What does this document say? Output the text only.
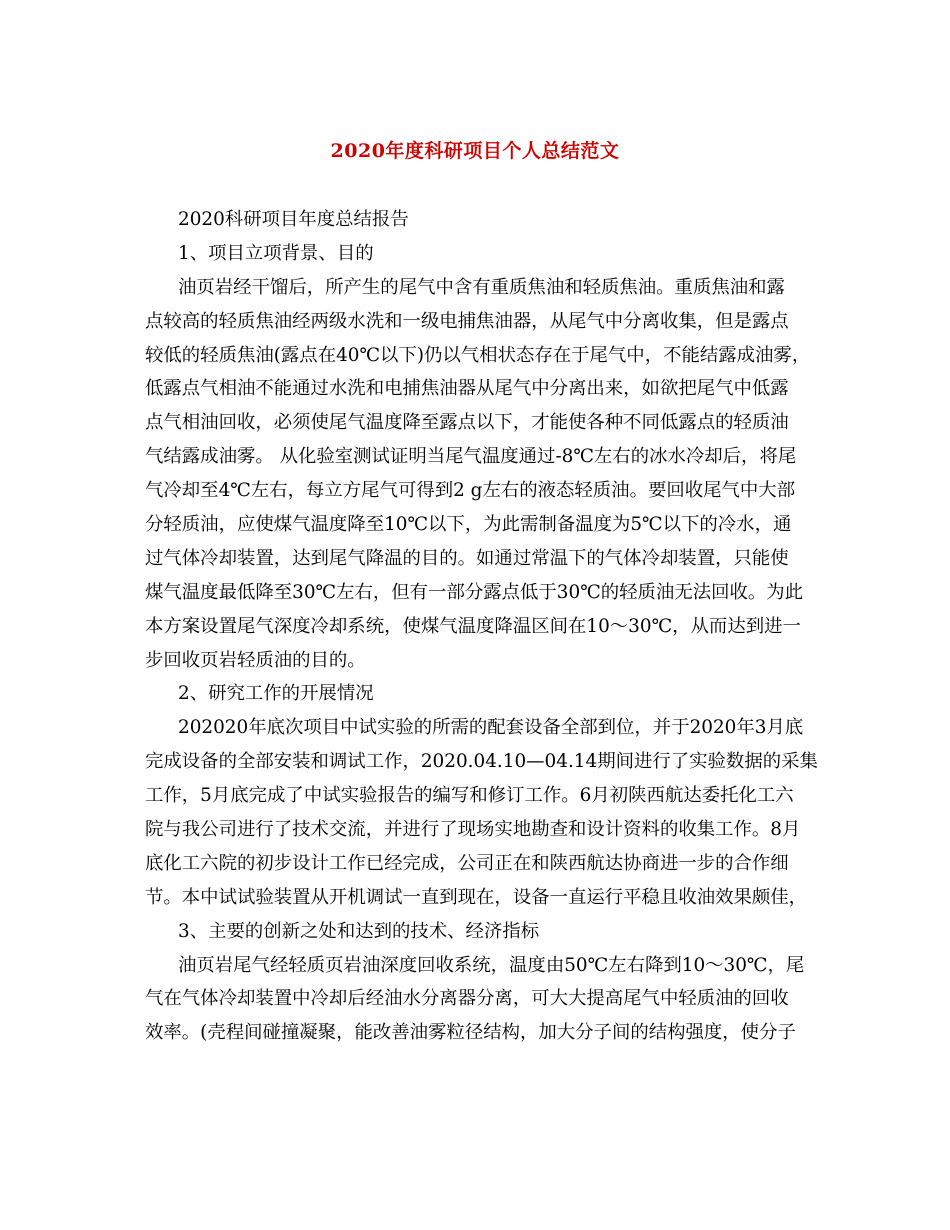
2020年度科研项目个人总结范文
2020科研项目年度总结报告
1、项目立项背景、目的
油页岩经干馏后，所产生的尾气中含有重质焦油和轻质焦油。重质焦油和露
点较高的轻质焦油经两级水洗和一级电捕焦油器，从尾气中分离收集，但是露点
较低的轻质焦油(露点在40℃以下)仍以气相状态存在于尾气中，不能结露成油雾，
低露点气相油不能通过水洗和电捕焦油器从尾气中分离出来，如欲把尾气中低露
点气相油回收，必须使尾气温度降至露点以下，才能使各种不同低露点的轻质油
气结露成油雾。 从化验室测试证明当尾气温度通过-8℃左右的冰水冷却后，将尾
气冷却至4℃左右，每立方尾气可得到2 g左右的液态轻质油。要回收尾气中大部
分轻质油，应使煤气温度降至10℃以下，为此需制备温度为5℃以下的冷水，通
过气体冷却装置，达到尾气降温的目的。如通过常温下的气体冷却装置，只能使
煤气温度最低降至30℃左右，但有一部分露点低于30℃的轻质油无法回收。为此
本方案设置尾气深度冷却系统，使煤气温度降温区间在10～30℃，从而达到进一
步回收页岩轻质油的目的。
2、研究工作的开展情况
202020年底次项目中试实验的所需的配套设备全部到位，并于2020年3月底
完成设备的全部安装和调试工作，2020.04.10—04.14期间进行了实验数据的采集
工作，5月底完成了中试实验报告的编写和修订工作。6月初陕西航达委托化工六
院与我公司进行了技术交流，并进行了现场实地勘查和设计资料的收集工作。8月
底化工六院的初步设计工作已经完成，公司正在和陕西航达协商进一步的合作细
节。本中试试验装置从开机调试一直到现在，设备一直运行平稳且收油效果颇佳，
3、主要的创新之处和达到的技术、经济指标
油页岩尾气经轻质页岩油深度回收系统，温度由50℃左右降到10～30℃，尾
气在气体冷却装置中冷却后经油水分离器分离，可大大提高尾气中轻质油的回收
效率。(壳程间碰撞凝聚，能改善油雾粒径结构，加大分子间的结构强度，使分子
